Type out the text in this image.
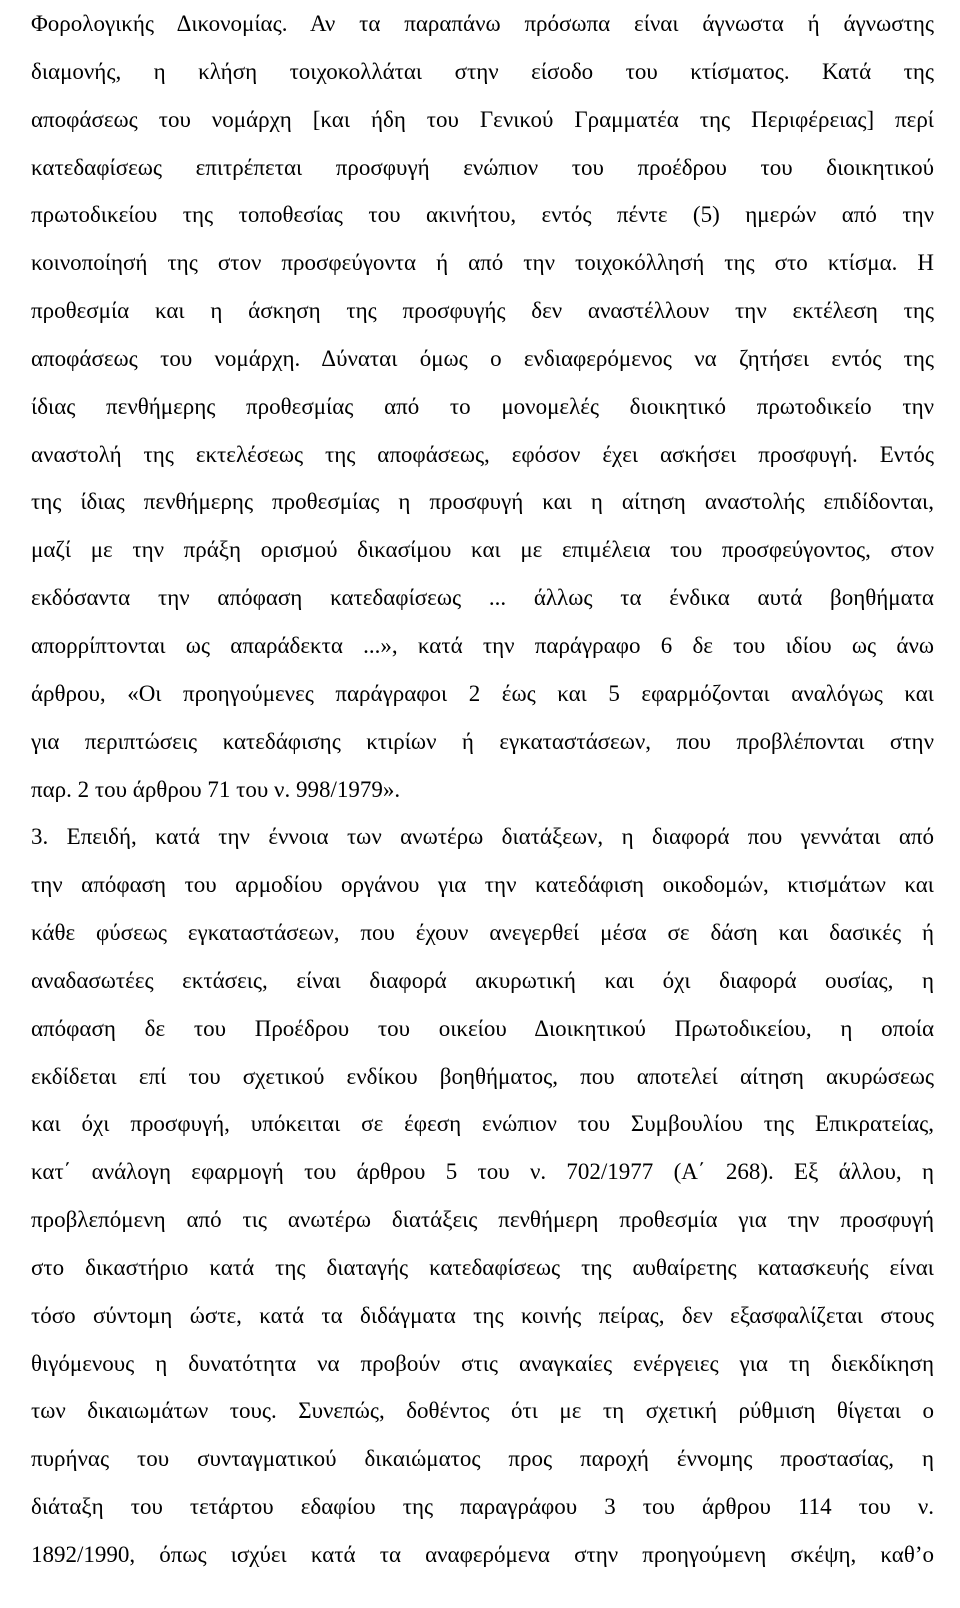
Φορολογικής Δικονομίας. Αν τα παραπάνω πρόσωπα είναι άγνωστα ή άγνωστης
διαμονής, η κλήση τοιχοκολλάται στην είσοδο του κτίσματος. Κατά της
αποφάσεως του νομάρχη [και ήδη του Γενικού Γραμματέα της Περιφέρειας] περί
κατεδαφίσεως επιτρέπεται προσφυγή ενώπιον του προέδρου του διοικητικού
πρωτοδικείου της τοποθεσίας του ακινήτου, εντός πέντε (5) ημερών από την
κοινοποίησή της στον προσφεύγοντα ή από την τοιχοκόλλησή της στο κτίσμα. Η
προθεσμία και η άσκηση της προσφυγής δεν αναστέλλουν την εκτέλεση της
αποφάσεως του νομάρχη. Δύναται όμως ο ενδιαφερόμενος να ζητήσει εντός της
ίδιας πενθήμερης προθεσμίας από το μονομελές διοικητικό πρωτοδικείο την
αναστολή της εκτελέσεως της αποφάσεως, εφόσον έχει ασκήσει προσφυγή. Εντός
της ίδιας πενθήμερης προθεσμίας η προσφυγή και η αίτηση αναστολής επιδίδονται,
μαζί με την πράξη ορισμού δικασίμου και με επιμέλεια του προσφεύγοντος, στον
εκδόσαντα την απόφαση κατεδαφίσεως ... άλλως τα ένδικα αυτά βοηθήματα
απορρίπτονται ως απαράδεκτα ...», κατά την παράγραφο 6 δε του ιδίου ως άνω
άρθρου, «Οι προηγούμενες παράγραφοι 2 έως και 5 εφαρμόζονται αναλόγως και
για περιπτώσεις κατεδάφισης κτιρίων ή εγκαταστάσεων, που προβλέπονται στην
παρ. 2 του άρθρου 71 του ν. 998/1979».
3. Επειδή, κατά την έννοια των ανωτέρω διατάξεων, η διαφορά που γεννάται από
την απόφαση του αρμοδίου οργάνου για την κατεδάφιση οικοδομών, κτισμάτων και
κάθε φύσεως εγκαταστάσεων, που έχουν ανεγερθεί μέσα σε δάση και δασικές ή
αναδασωτέες εκτάσεις, είναι διαφορά ακυρωτική και όχι διαφορά ουσίας, η
απόφαση δε του Προέδρου του οικείου Διοικητικού Πρωτοδικείου, η οποία
εκδίδεται επί του σχετικού ενδίκου βοηθήματος, που αποτελεί αίτηση ακυρώσεως
και όχι προσφυγή, υπόκειται σε έφεση ενώπιον του Συμβουλίου της Επικρατείας,
κατ΄ ανάλογη εφαρμογή του άρθρου 5 του ν. 702/1977 (Α΄ 268). Εξ άλλου, η
προβλεπόμενη από τις ανωτέρω διατάξεις πενθήμερη προθεσμία για την προσφυγή
στο δικαστήριο κατά της διαταγής κατεδαφίσεως της αυθαίρετης κατασκευής είναι
τόσο σύντομη ώστε, κατά τα διδάγματα της κοινής πείρας, δεν εξασφαλίζεται στους
θιγόμενους η δυνατότητα να προβούν στις αναγκαίες ενέργειες για τη διεκδίκηση
των δικαιωμάτων τους. Συνεπώς, δοθέντος ότι με τη σχετική ρύθμιση θίγεται ο
πυρήνας του συνταγματικού δικαιώματος προς παροχή έννομης προστασίας, η
διάταξη του τετάρτου εδαφίου της παραγράφου 3 του άρθρου 114 του ν.
1892/1990, όπως ισχύει κατά τα αναφερόμενα στην προηγούμενη σκέψη, καθ’ο
